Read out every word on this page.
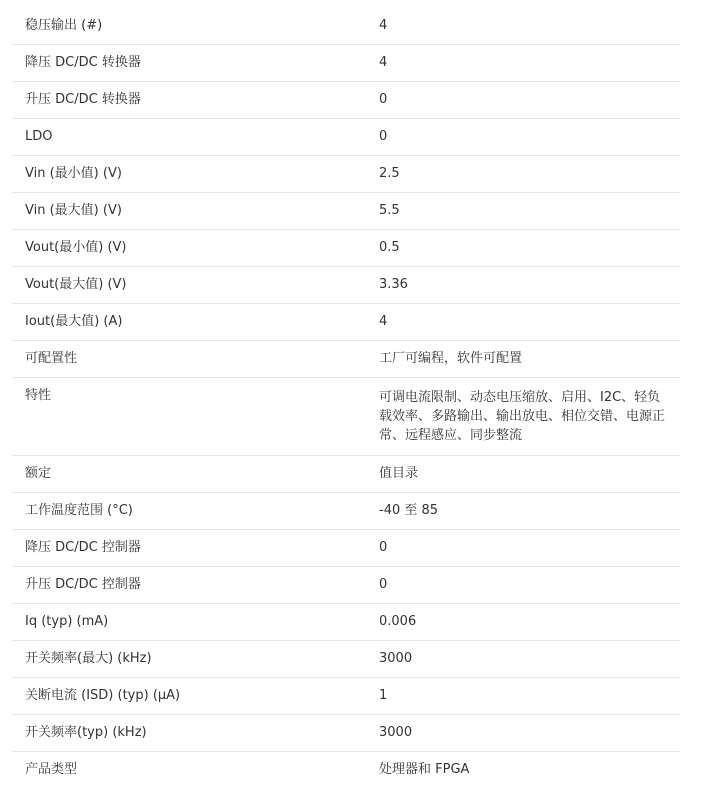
稳压输出 (#)	4
降压 DC/DC 转换器	4
升压 DC/DC 转换器	0
LDO	0
Vin (最小值) (V)	2.5
Vin (最大值) (V)	5.5
Vout(最小值) (V)	0.5
Vout(最大值) (V)	3.36
Iout(最大值) (A)	4
可配置性	工厂可编程，软件可配置
特性	可调电流限制、动态电压缩放、启用、I2C、轻负载效率、多路输出、输出放电、相位交错、电源正常、远程感应、同步整流
额定	值目录
工作温度范围 (°C)	-40 至 85
降压 DC/DC 控制器	0
升压 DC/DC 控制器	0
Iq (typ) (mA)	0.006
开关频率(最大) (kHz)	3000
关断电流 (ISD) (typ) (μA)	1
开关频率(typ) (kHz)	3000
产品类型	处理器和 FPGA
